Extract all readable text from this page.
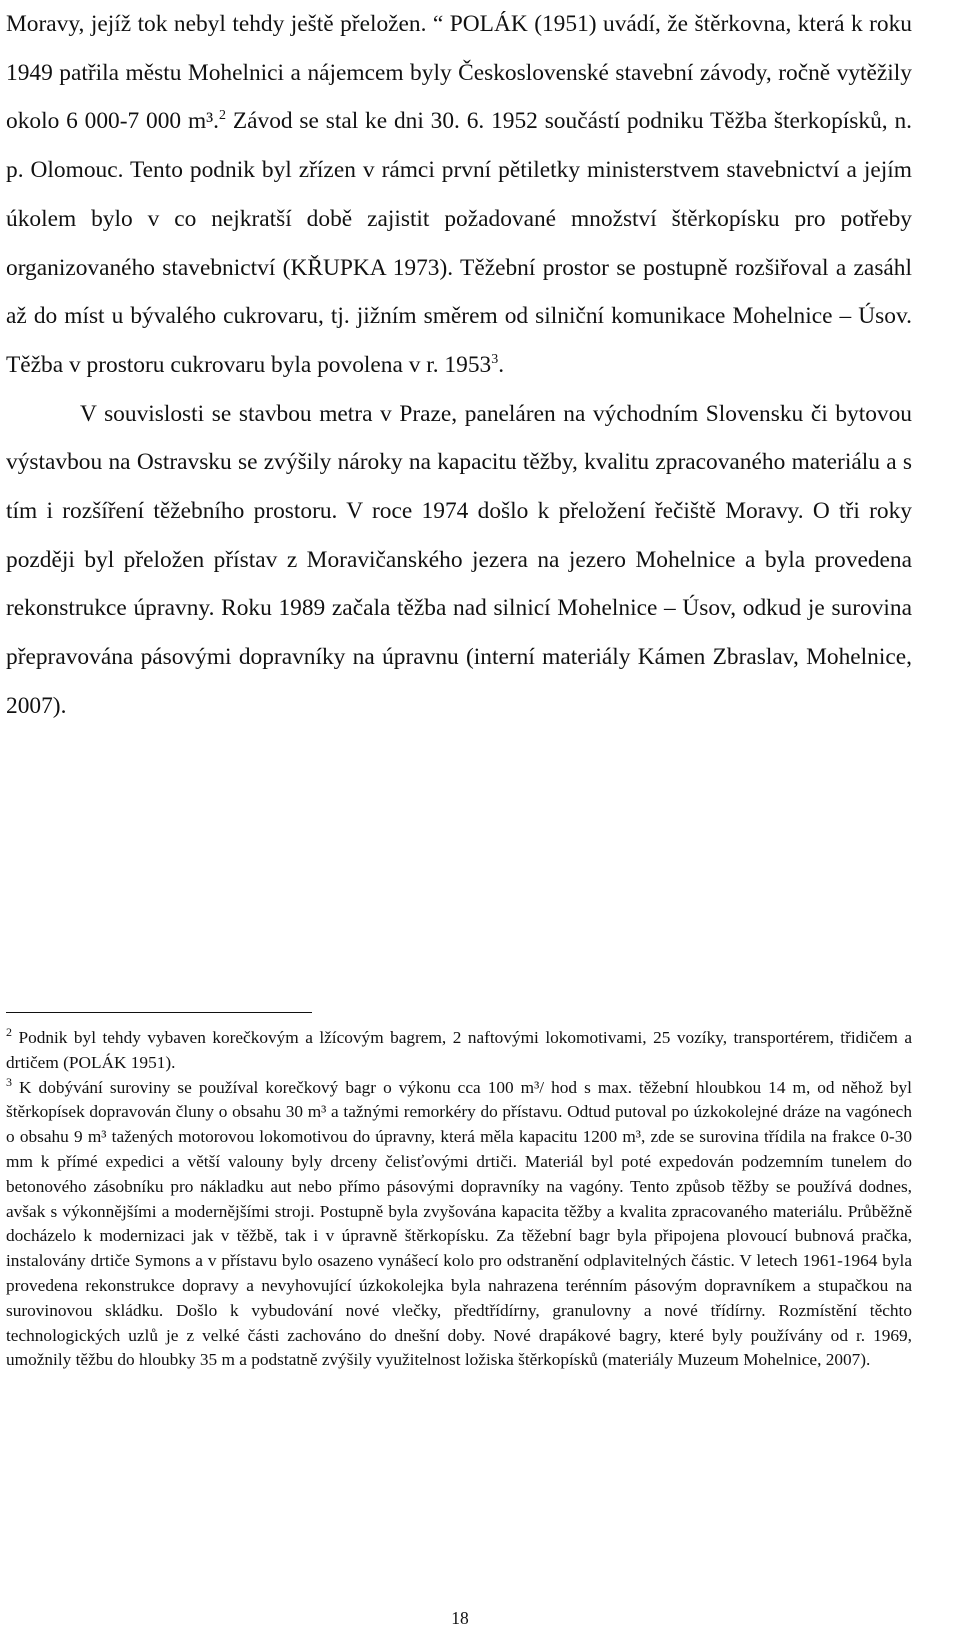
Moravy, jejíž tok nebyl tehdy ještě přeložen. “ POLÁK (1951) uvádí, že štěrkovna, která k roku 1949 patřila městu Mohelnici a nájemcem byly Československé stavební závody, ročně vytěžily okolo 6 000-7 000 m³.$^2$ Závod se stal ke dni 30. 6. 1952 součástí podniku Těžba šterkopísků, n. p. Olomouc. Tento podnik byl zřízen v rámci první pětiletky ministerstvem stavebnictví a jejím úkolem bylo v co nejkratší době zajistit požadované množství štěrkopísku pro potřeby organizovaného stavebnictví (KŘUPKA 1973). Těžební prostor se postupně rozšiřoval a zasáhl až do míst u bývalého cukrovaru, tj. jižním směrem od silniční komunikace Mohelnice – Úsov. Těžba v prostoru cukrovaru byla povolena v r. 1953$^3$.

V souvislosti se stavbou metra v Praze, paneláren na východním Slovensku či bytovou výstavbou na Ostravsku se zvýšily nároky na kapacitu těžby, kvalitu zpracovaného materiálu a s tím i rozšíření těžebního prostoru. V roce 1974 došlo k přeložení řečiště Moravy. O tři roky později byl přeložen přístav z Moravičanského jezera na jezero Mohelnice a byla provedena rekonstrukce úpravny. Roku 1989 začala těžba nad silnicí Mohelnice – Úsov, odkud je surovina přepravována pásovými dopravníky na úpravnu (interní materiály Kámen Zbraslav, Mohelnice, 2007).

$^2$ Podnik byl tehdy vybaven korečkovým a lžícovým bagrem, 2 naftovými lokomotivami, 25 vozíky, transportérem, třidičem a drtičem (POLÁK 1951).

$^3$ K dobývání suroviny se používal korečkový bagr o výkonu cca 100 m³/ hod s max. těžební hloubkou 14 m, od něhož byl štěrkopísek dopravován čluny o obsahu 30 m³ a tažnými remorkéry do přístavu. Odtud putoval po úzkokolejné dráze na vagónech o obsahu 9 m³ tažených motorovou lokomotivou do úpravny, která měla kapacitu 1200 m³, zde se surovina třídila na frakce 0-30 mm k přímé expedici a větší valouny byly drceny čelisťovými drtiči. Materiál byl poté expedován podzemním tunelem do betonového zásobníku pro nákladku aut nebo přímo pásovými dopravníky na vagóny. Tento způsob těžby se používá dodnes, avšak s výkonnějšími a modernějšími stroji. Postupně byla zvyšována kapacita těžby a kvalita zpracovaného materiálu. Průběžně docházelo k modernizaci jak v těžbě, tak i v úpravně štěrkopísku. Za těžební bagr byla připojena plovoucí bubnová pračka, instalovány drtiče Symons a v přístavu bylo osazeno vynášecí kolo pro odstranění odplavitelných částic. V letech 1961-1964 byla provedena rekonstrukce dopravy a nevyhovující úzkokolejka byla nahrazena terénním pásovým dopravníkem a stupačkou na surovinovou skládku. Došlo k vybudování nové vlečky, předtřídírny, granulovny a nové třídírny. Rozmístění těchto technologických uzlů je z velké části zachováno do dnešní doby. Nové drapákové bagry, které byly používány od r. 1969, umožnily těžbu do hloubky 35 m a podstatně zvýšily využitelnost ložiska štěrkopísků (materiály Muzeum Mohelnice, 2007).

18
